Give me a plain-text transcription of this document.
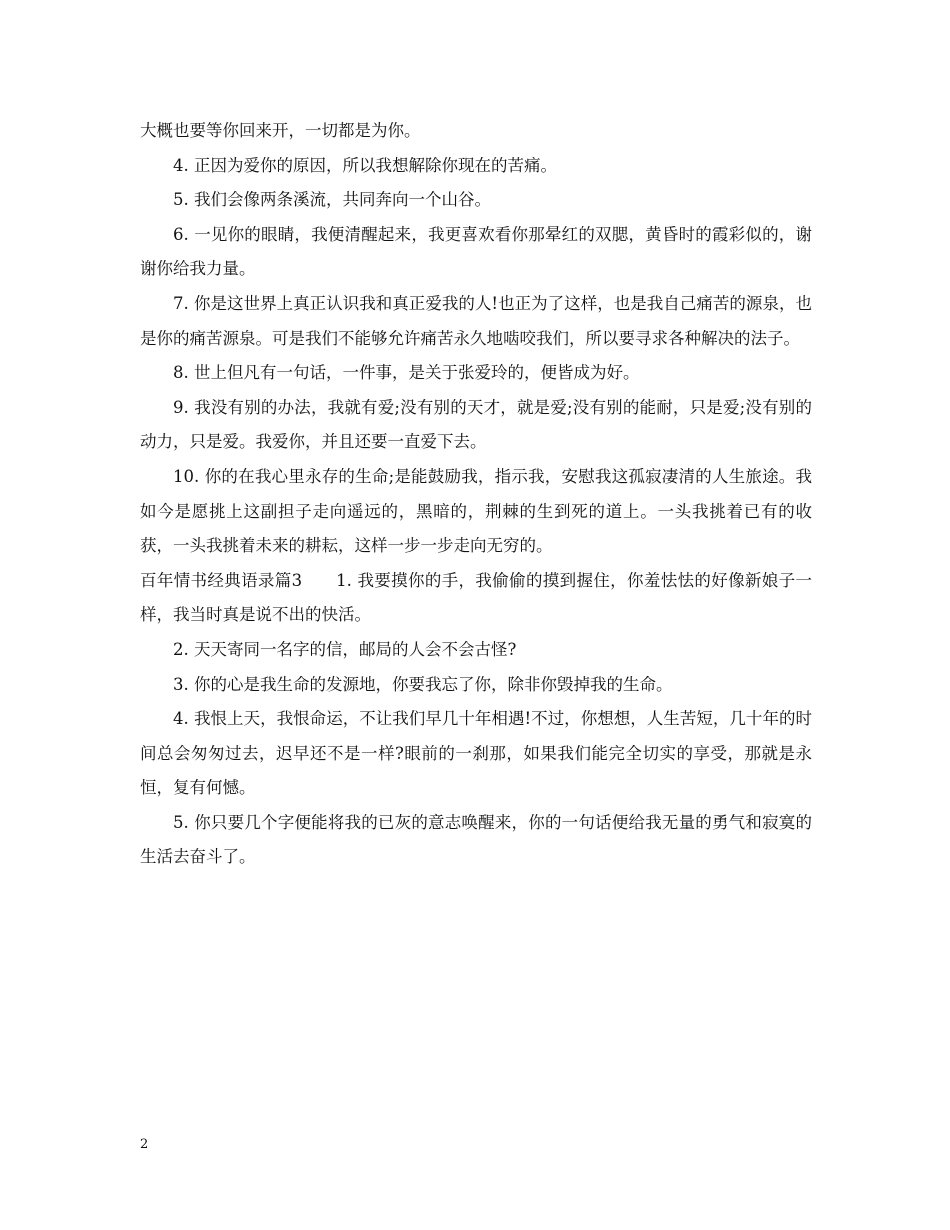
大概也要等你回来开，一切都是为你。

4. 正因为爱你的原因，所以我想解除你现在的苦痛。

5. 我们会像两条溪流，共同奔向一个山谷。

6. 一见你的眼睛，我便清醒起来，我更喜欢看你那晕红的双腮，黄昏时的霞彩似的，谢谢你给我力量。

7. 你是这世界上真正认识我和真正爱我的人!也正为了这样，也是我自己痛苦的源泉，也是你的痛苦源泉。可是我们不能够允许痛苦永久地啮咬我们，所以要寻求各种解决的法子。

8. 世上但凡有一句话，一件事，是关于张爱玲的，便皆成为好。

9. 我没有别的办法，我就有爱;没有别的天才，就是爱;没有别的能耐，只是爱;没有别的动力，只是爱。我爱你，并且还要一直爱下去。

10. 你的在我心里永存的生命;是能鼓励我，指示我，安慰我这孤寂凄清的人生旅途。我如今是愿挑上这副担子走向遥远的，黑暗的，荆棘的生到死的道上。一头我挑着已有的收获，一头我挑着未来的耕耘，这样一步一步走向无穷的。

百年情书经典语录篇3　　1. 我要摸你的手，我偷偷的摸到握住，你羞怯怯的好像新娘子一样，我当时真是说不出的快活。

2. 天天寄同一名字的信，邮局的人会不会古怪?

3. 你的心是我生命的发源地，你要我忘了你，除非你毁掉我的生命。

4. 我恨上天，我恨命运，不让我们早几十年相遇!不过，你想想，人生苦短，几十年的时间总会匆匆过去，迟早还不是一样?眼前的一刹那，如果我们能完全切实的享受，那就是永恒，复有何憾。

5. 你只要几个字便能将我的已灰的意志唤醒来，你的一句话便给我无量的勇气和寂寞的生活去奋斗了。

2
